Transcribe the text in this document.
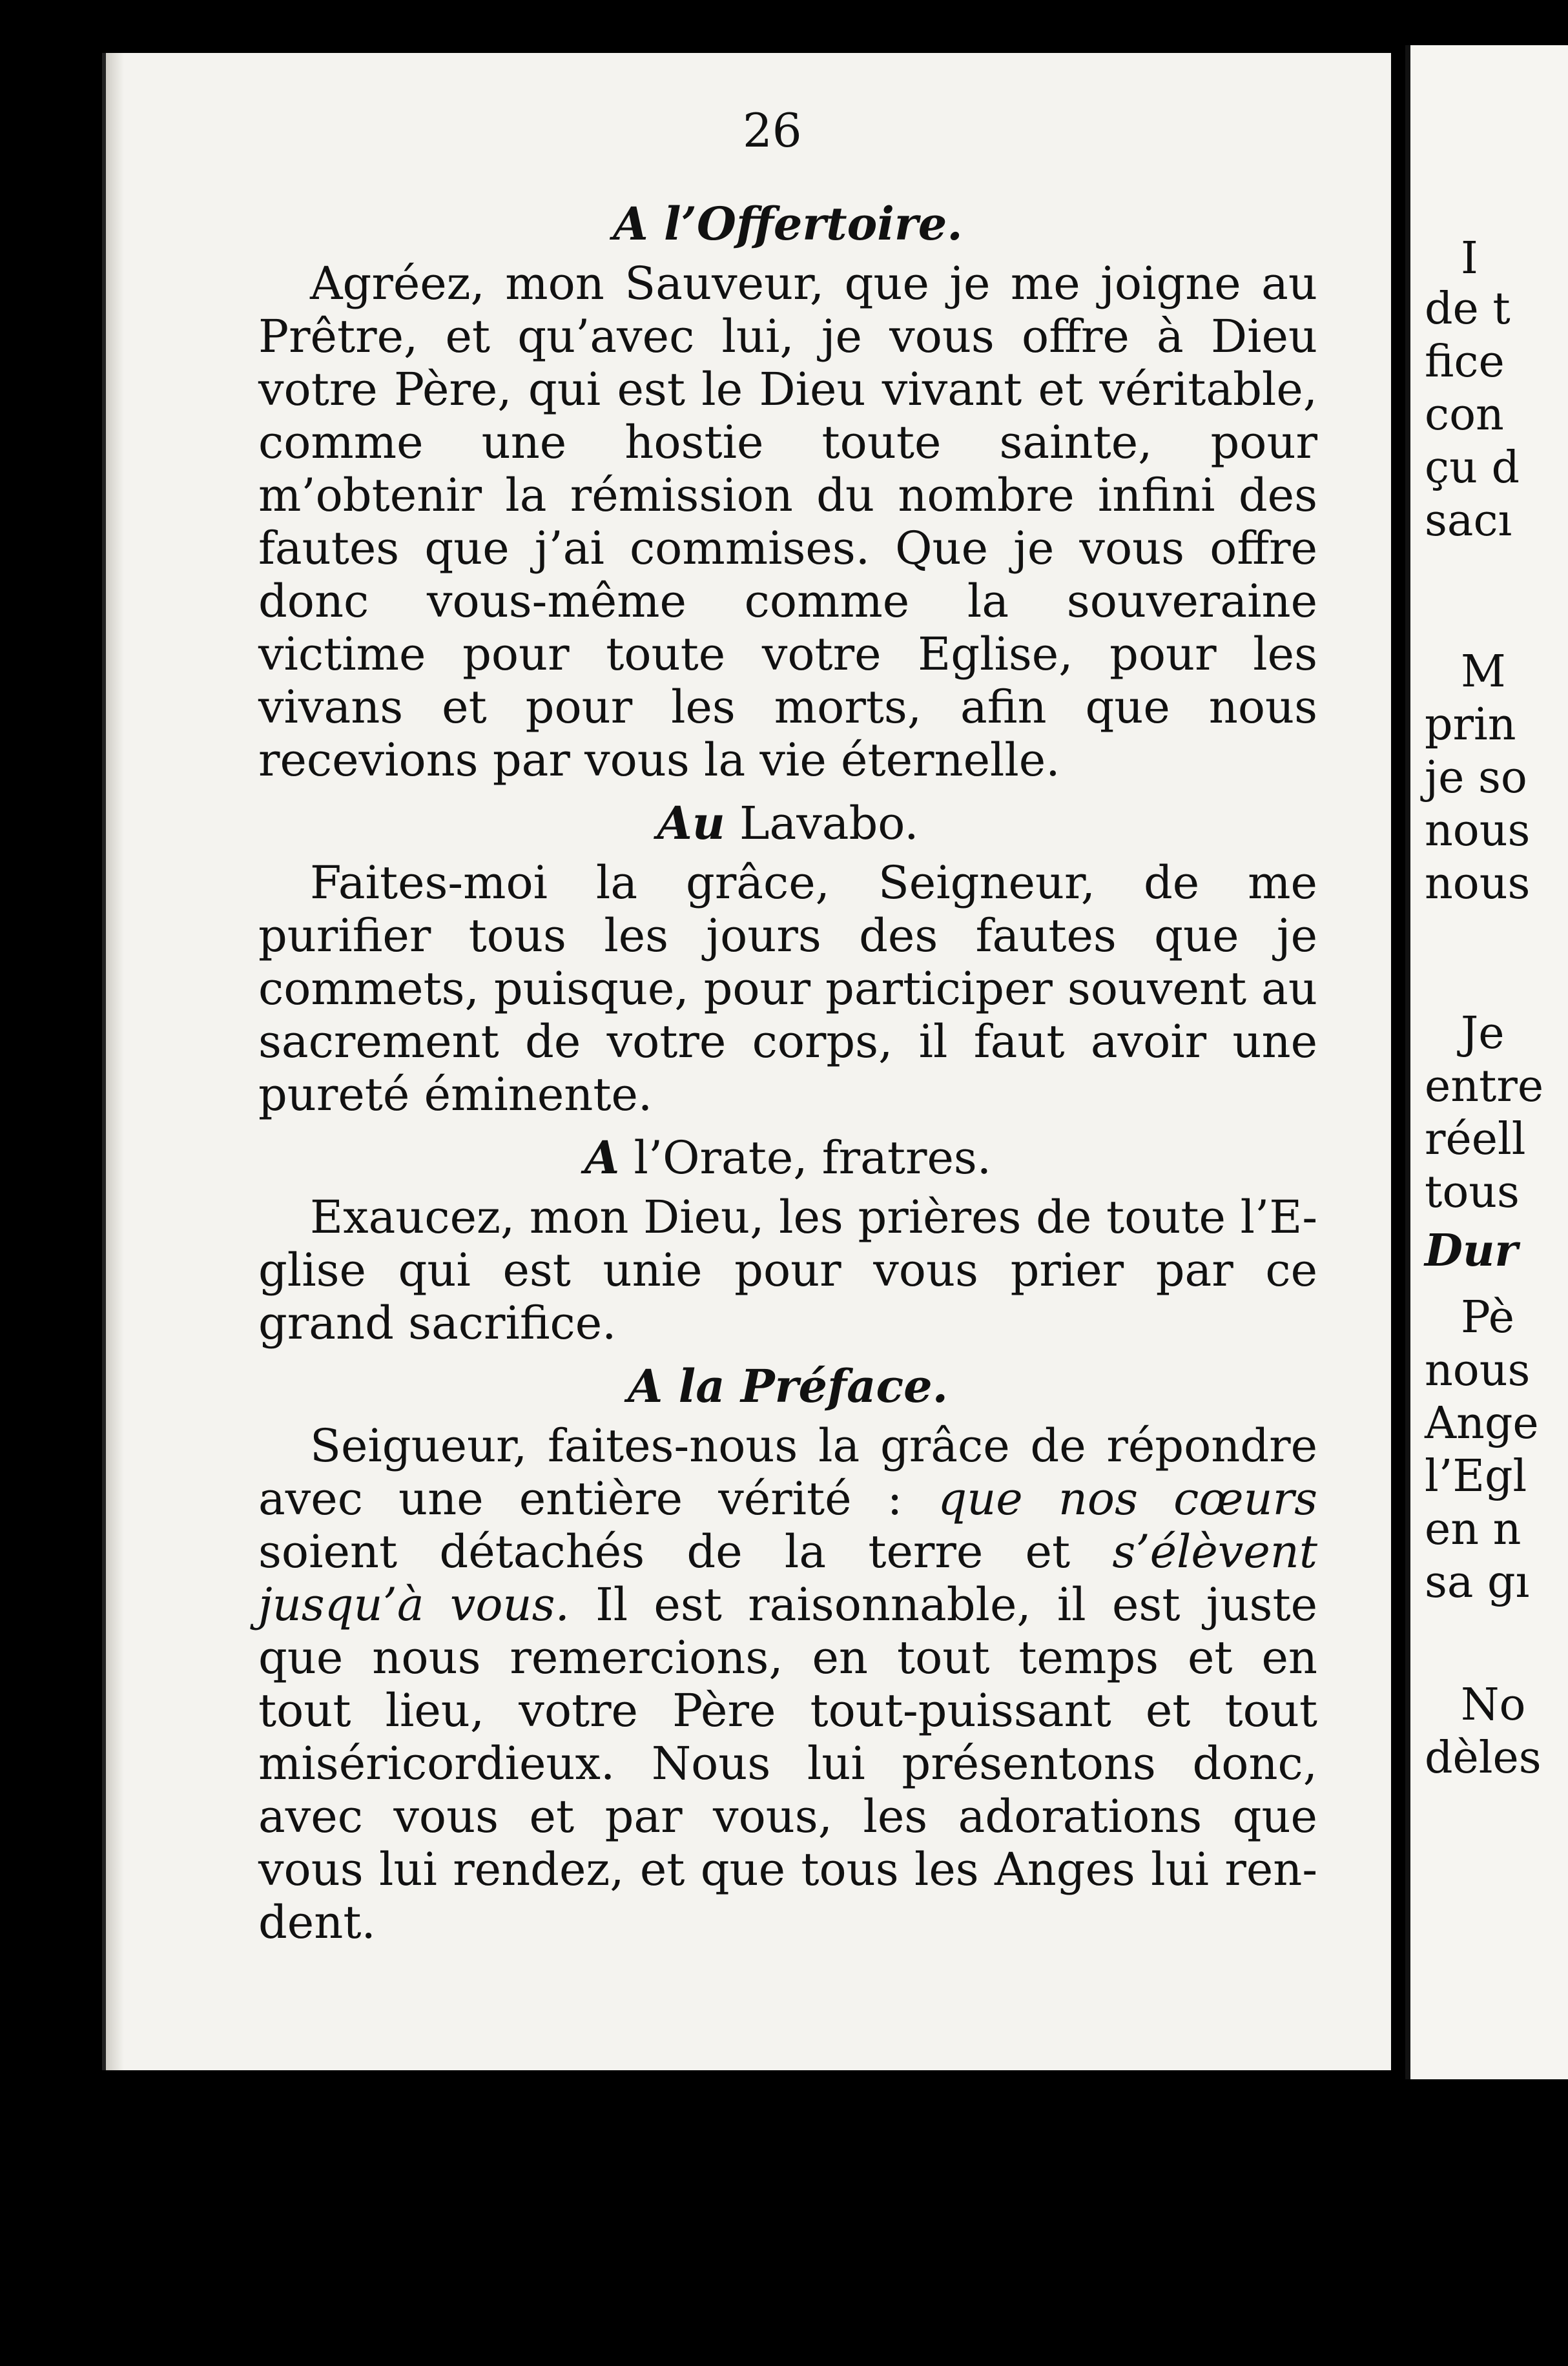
I
de t
fice
con
çu d
sacı
M
prin
je so
nous
nous
Je
entre
réell
tous
Dur
Pè
nous
Ange
l’Egl
en n
sa gı
No
dèles
26

A l’Offertoire.

Agréez, mon Sauveur, que je me joigne au Prêtre, et qu’avec lui, je vous offre à Dieu votre Père, qui est le Dieu vivant et véritable, comme une hostie toute sainte, pour m’obtenir la rémission du nombre infini des fautes que j’ai commises. Que je vous offre donc vous-même comme la souveraine victime pour toute votre Eglise, pour les vivans et pour les morts, afin que nous recevions par vous la vie éternelle.

Au Lavabo.

Faites-moi la grâce, Seigneur, de me purifier tous les jours des fautes que je commets, puisque, pour participer souvent au sacrement de votre corps, il faut avoir une pureté éminente.

A l’Orate, fratres.

Exaucez, mon Dieu, les prières de toute l’Eglise qui est unie pour vous prier par ce grand sacrifice.

A la Préface.

Seigueur, faites-nous la grâce de répondre avec une entière vérité : que nos cœurs soient détachés de la terre et s’élèvent jusqu’à vous. Il est raisonnable, il est juste que nous remercions, en tout temps et en tout lieu, votre Père tout-puissant et tout miséricordieux. Nous lui présentons donc, avec vous et par vous, les adorations que vous lui rendez, et que tous les Anges lui rendent.
